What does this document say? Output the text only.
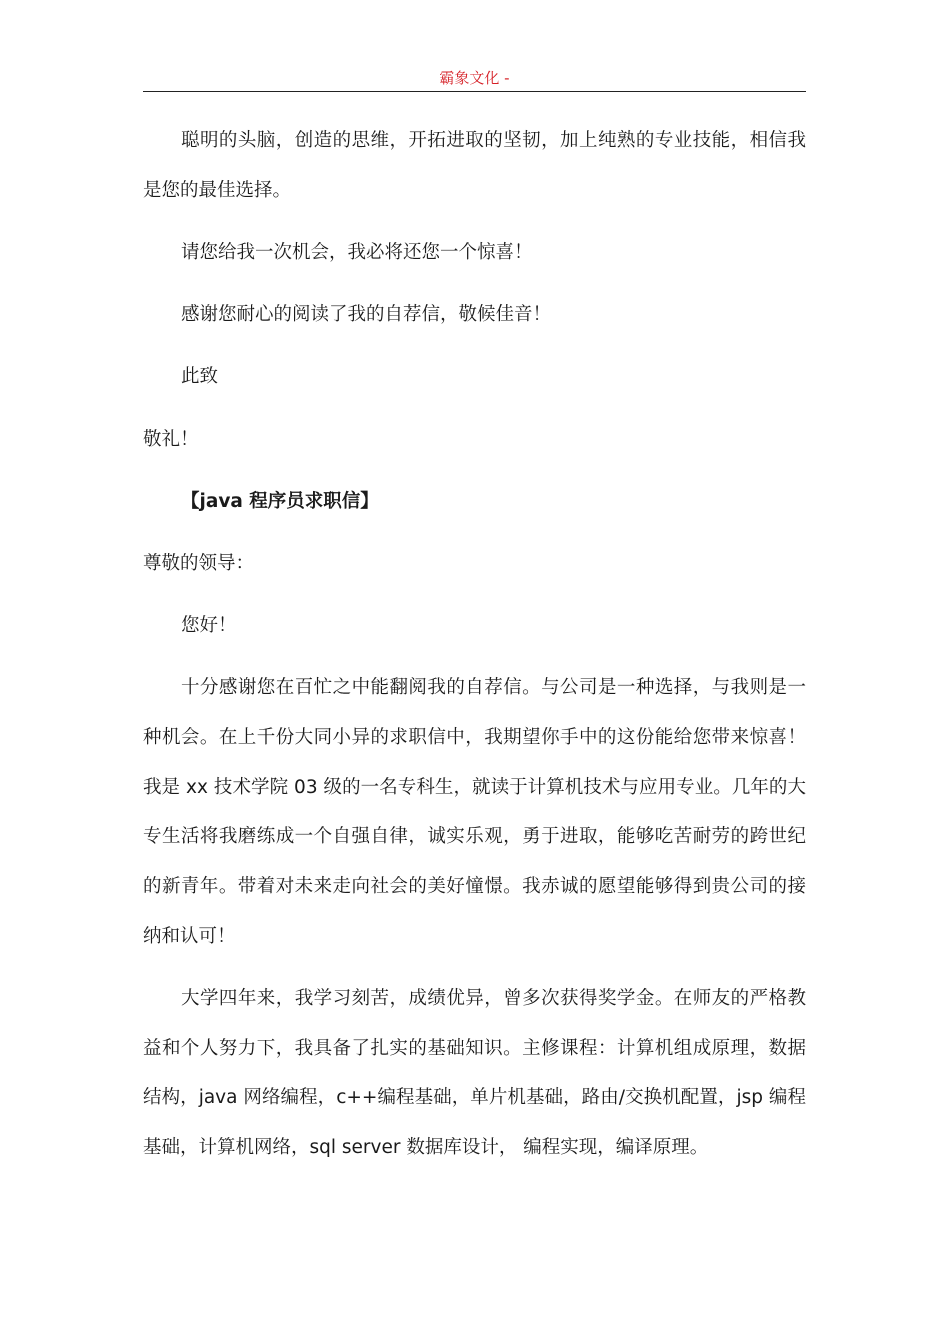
霸象文化 -

聪明的头脑，创造的思维，开拓进取的坚韧，加上纯熟的专业技能，相信我是您的最佳选择。

请您给我一次机会，我必将还您一个惊喜！

感谢您耐心的阅读了我的自荐信，敬候佳音！

此致

敬礼！

【java 程序员求职信】

尊敬的领导：

您好！

十分感谢您在百忙之中能翻阅我的自荐信。与公司是一种选择，与我则是一种机会。在上千份大同小异的求职信中，我期望你手中的这份能给您带来惊喜！我是 xx 技术学院 03 级的一名专科生，就读于计算机技术与应用专业。几年的大专生活将我磨练成一个自强自律，诚实乐观，勇于进取，能够吃苦耐劳的跨世纪的新青年。带着对未来走向社会的美好憧憬。我赤诚的愿望能够得到贵公司的接纳和认可！

大学四年来，我学习刻苦，成绩优异，曾多次获得奖学金。在师友的严格教益和个人努力下，我具备了扎实的基础知识。主修课程：计算机组成原理，数据结构，java 网络编程，c++编程基础，单片机基础，路由/交换机配置，jsp 编程基础，计算机网络，sql server 数据库设计， 编程实现，编译原理。
